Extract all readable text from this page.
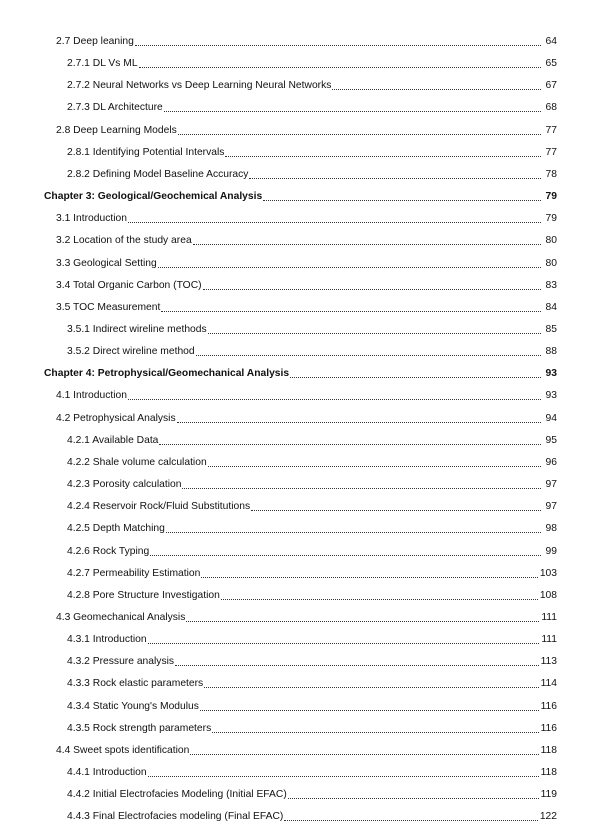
2.7 Deep leaning	64
2.7.1 DL Vs ML	65
2.7.2 Neural Networks vs Deep Learning Neural Networks	67
2.7.3 DL Architecture	68
2.8 Deep Learning Models	77
2.8.1 Identifying Potential Intervals	77
2.8.2 Defining Model Baseline Accuracy	78
Chapter 3: Geological/Geochemical Analysis	79
3.1 Introduction	79
3.2 Location of the study area	80
3.3 Geological Setting	80
3.4 Total Organic Carbon (TOC)	83
3.5 TOC Measurement	84
3.5.1 Indirect wireline methods	85
3.5.2 Direct wireline method	88
Chapter 4: Petrophysical/Geomechanical Analysis	93
4.1 Introduction	93
4.2 Petrophysical Analysis	94
4.2.1 Available Data	95
4.2.2 Shale volume calculation	96
4.2.3 Porosity calculation	97
4.2.4 Reservoir Rock/Fluid Substitutions	97
4.2.5 Depth Matching	98
4.2.6 Rock Typing	99
4.2.7 Permeability Estimation	103
4.2.8 Pore Structure Investigation	108
4.3 Geomechanical Analysis	111
4.3.1 Introduction	111
4.3.2 Pressure analysis	113
4.3.3 Rock elastic parameters	114
4.3.4 Static Young's Modulus	116
4.3.5 Rock strength parameters	116
4.4 Sweet spots identification	118
4.4.1 Introduction	118
4.4.2 Initial Electrofacies Modeling (Initial EFAC)	119
4.4.3 Final Electrofacies modeling (Final EFAC)	122
